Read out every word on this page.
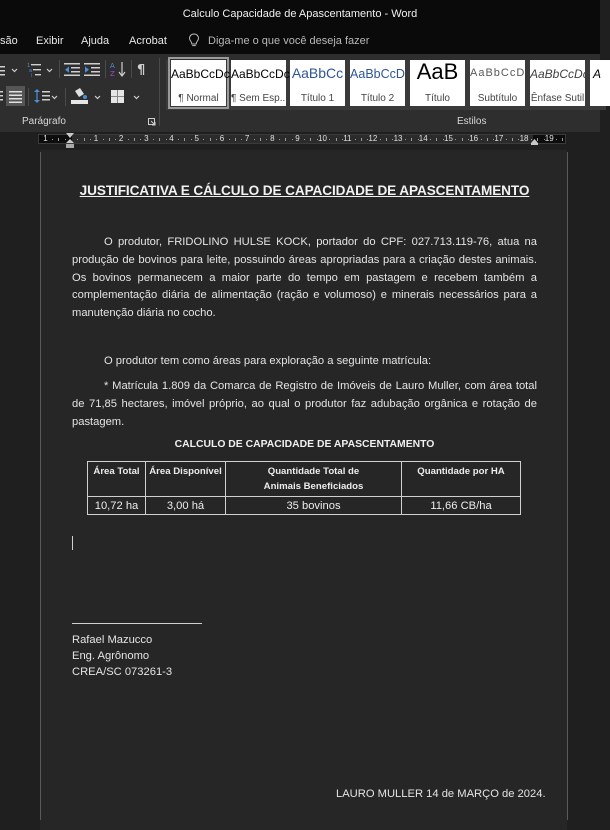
Calculo Capacidade de Apascentamento - Word
são Exibir Ajuda Acrobat	Diga-me o que você deseja fazer
1
a
i
A
Z ¶
Parágrafo
AaBbCcDc
¶ Normal
AaBbCcDc
¶ Sem Esp...
AaBbCc
Título 1
AaBbCcD
Título 2
AaB
Título
AaBbCcD
Subtítulo
AaBbCcDc
Ênfase Sutil
A
Estilos
1	1	2	3	4	5	6	7	8	9 10 11 12 13 14 15 16 17 18 19
JUSTIFICATIVA E CÁLCULO DE CAPACIDADE DE APASCENTAMENTO
O produtor, FRIDOLINO HULSE KOCK, portador do CPF: 027.713.119-76, atua na produção de bovinos para leite, possuindo áreas apropriadas para a criação destes animais. Os bovinos permanecem a maior parte do tempo em pastagem e recebem também a complementação diária de alimentação (ração e volumoso) e minerais necessários para a manutenção diária no cocho.
O produtor tem como áreas para exploração a seguinte matrícula:
* Matrícula 1.809 da Comarca de Registro de Imóveis de Lauro Muller, com área total de 71,85 hectares, imóvel próprio, ao qual o produtor faz adubação orgânica e rotação de pastagem.
CALCULO DE CAPACIDADE DE APASCENTAMENTO
Área Total	Área Disponível	Quantidade Total de Animais Beneficiados	Quantidade por HA
10,72 ha	3,00 há	35 bovinos	11,66 CB/ha
Rafael Mazucco
Eng. Agrônomo
CREA/SC 073261-3
LAURO MULLER 14 de MARÇO de 2024.
